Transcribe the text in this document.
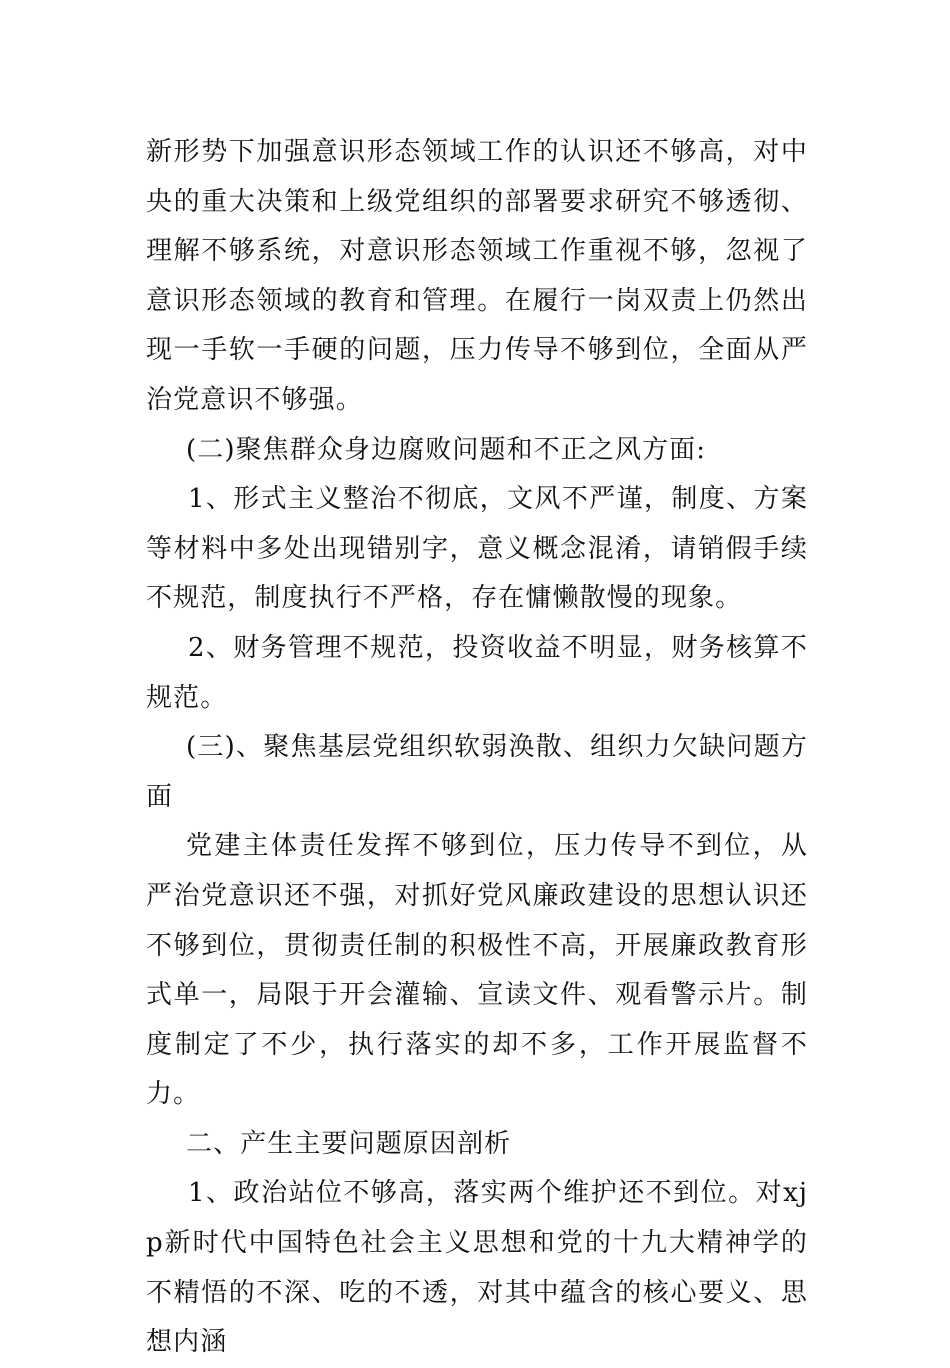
新形势下加强意识形态领域工作的认识还不够高，对中央的重大决策和上级党组织的部署要求研究不够透彻、理解不够系统，对意识形态领域工作重视不够，忽视了意识形态领域的教育和管理。在履行一岗双责上仍然出现一手软一手硬的问题，压力传导不够到位，全面从严治党意识不够强。

(二)聚焦群众身边腐败问题和不正之风方面:

1、形式主义整治不彻底，文风不严谨，制度、方案等材料中多处出现错别字，意义概念混淆，请销假手续不规范，制度执行不严格，存在慵懒散慢的现象。

2、财务管理不规范，投资收益不明显，财务核算不规范。

(三)、聚焦基层党组织软弱涣散、组织力欠缺问题方面

党建主体责任发挥不够到位，压力传导不到位，从严治党意识还不强，对抓好党风廉政建设的思想认识还不够到位，贯彻责任制的积极性不高，开展廉政教育形式单一，局限于开会灌输、宣读文件、观看警示片。制度制定了不少，执行落实的却不多，工作开展监督不力。

二、产生主要问题原因剖析

1、政治站位不够高，落实两个维护还不到位。对xjp新时代中国特色社会主义思想和党的十九大精神学的不精悟的不深、吃的不透，对其中蕴含的核心要义、思想内涵
